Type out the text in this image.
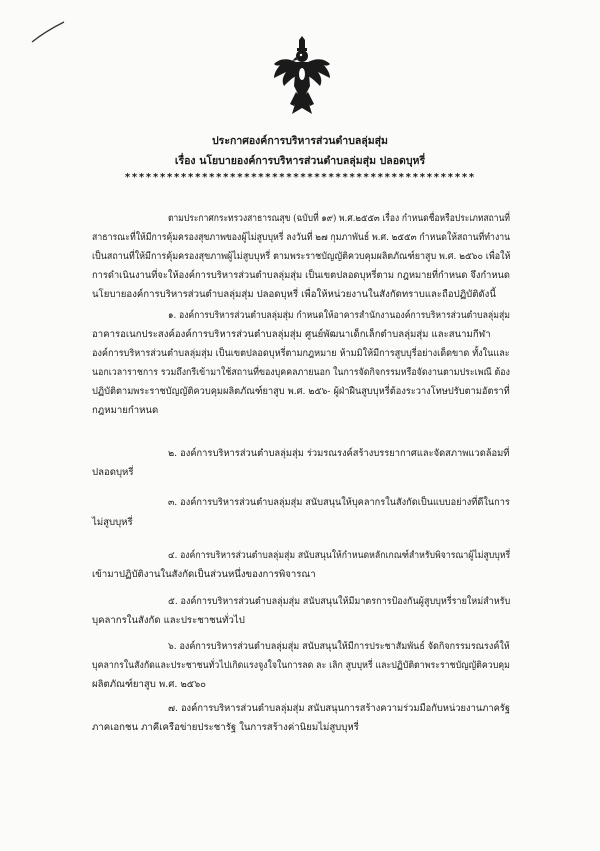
ประกาศองค์การบริหารส่วนตำบลลุ่มสุ่ม
เรื่อง นโยบายองค์การบริหารส่วนตำบลลุ่มสุ่ม ปลอดบุหรี่
**************************************************
ตามประกาศกระทรวงสาธารณสุข (ฉบับที่ ๑๙) พ.ศ.๒๕๕๓ เรื่อง กำหนดชื่อหรือประเภทสถานที่
สาธารณะที่ให้มีการคุ้มครองสุขภาพของผู้ไม่สูบบุหรี่ ลงวันที่ ๒๗ กุมภาพันธ์ พ.ศ. ๒๕๕๓ กำหนดให้สถานที่ทำงาน
เป็นสถานที่ให้มีการคุ้มครองสุขภาพผู้ไม่สูบบุหรี่ ตามพระราชบัญญัติควบคุมผลิตภัณฑ์ยาสูบ พ.ศ. ๒๕๖๐ เพื่อให้
การดำเนินงานที่จะให้องค์การบริหารส่วนตำบลลุ่มสุ่ม เป็นเขตปลอดบุหรี่ตาม กฎหมายที่กำหนด จึงกำหนด
นโยบายองค์การบริหารส่วนตำบลลุ่มสุ่ม ปลอดบุหรี่ เพื่อให้หน่วยงานในสังกัดทราบและถือปฏิบัติดังนี้
๑. องค์การบริหารส่วนตำบลลุ่มสุ่ม กำหนดให้อาคารสำนักงานองค์การบริหารส่วนตำบลลุ่มสุ่ม
อาคารอเนกประสงค์องค์การบริหารส่วนตำบลลุ่มสุ่ม ศูนย์พัฒนาเด็กเล็กตำบลลุ่มสุ่ม และสนามกีฬา
องค์การบริหารส่วนตำบลลุ่มสุ่ม เป็นเขตปลอดบุหรี่ตามกฎหมาย ห้ามมิให้มีการสูบบุรี่อย่างเด็ดขาด ทั้งในและ
นอกเวลาราชการ รวมถึงกรีเข้ามาใช้สถานที่ของบุคคลภายนอก ในการจัดกิจกรรมหรือจัดงานตามประเพณี ต้อง
ปฏิบัติตามพระราชบัญญัติควบคุมผลิตภัณฑ์ยาสูบ พ.ศ. ๒๕๖- ผู้ฝ่าฝืนสูบบุหรี่ต้องระวางโทษปรับตามอัตราที่
กฎหมายกำหนด
๒. องค์การบริหารส่วนตำบลลุ่มสุ่ม ร่วมรณรงค์สร้างบรรยากาศและจัดสภาพแวดล้อมที่
ปลอดบุหรี่
๓. องค์การบริหารส่วนตำบลลุ่มสุ่ม สนับสนุนให้บุคลากรในสังกัดเป็นแบบอย่างที่ดีในการ
ไม่สูบบุหรี่
๔. องค์การบริหารส่วนตำบลลุ่มสุ่ม สนับสนุนให้กำหนดหลักเกณฑ์สำหรับพิจารณาผู้ไม่สูบบุหรี่
เข้ามาปฏิบัติงานในสังกัดเป็นส่วนหนึ่งของการพิจารณา
๕. องค์การบริหารส่วนตำบลลุ่มสุ่ม สนับสนุนให้มีมาตรการป้องกันผู้สูบบุหรี่รายใหม่สำหรับ
บุคลากรในสังกัด และประชาชนทั่วไป
๖. องค์การบริหารส่วนตำบลลุ่มสุ่ม สนับสนุนให้มีการประชาสัมพันธ์ จัดกิจกรรมรณรงค์ให้
บุคลากรในสังกัดและประชาชนทั่วไปเกิดแรงจูงใจในการลด ละ เลิก สูบบุหรี่ และปฏิบัติตาพระราชบัญญัติควบคุม
ผลิตภัณฑ์ยาสูบ พ.ศ. ๒๕๖๐
๗. องค์การบริหารส่วนตำบลลุ่มสุ่ม สนับสนุนการสร้างความร่วมมือกับหน่วยงานภาครัฐ
ภาคเอกชน ภาคีเครือข่ายประชารัฐ ในการสร้างค่านิยมไม่สูบบุหรี่
